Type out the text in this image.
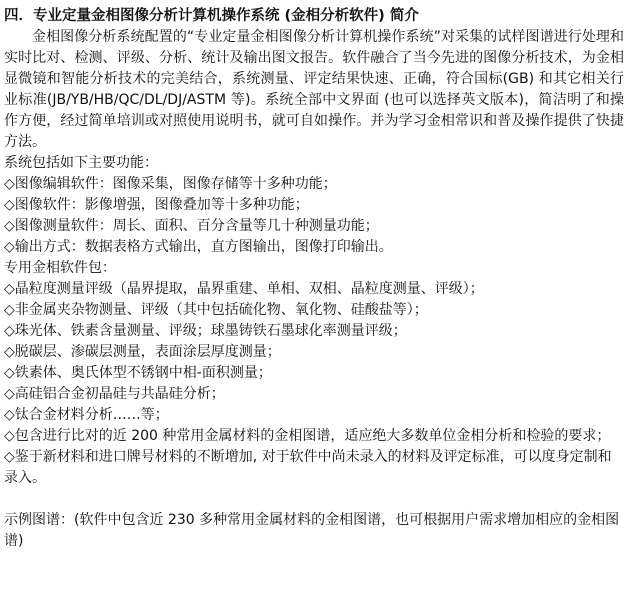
四．专业定量金相图像分析计算机操作系统 (金相分析软件) 简介
金相图像分析系统配置的“专业定量金相图像分析计算机操作系统”对采集的试样图谱进行处理和实时比对、检测、评级、分析、统计及输出图文报告。软件融合了当今先进的图像分析技术，为金相显微镜和智能分析技术的完美结合，系统测量、评定结果快速、正确，符合国标(GB) 和其它相关行业标准(JB/YB/HB/QC/DL/DJ/ASTM 等)。系统全部中文界面 (也可以选择英文版本)，简洁明了和操作方便，经过简单培训或对照使用说明书，就可自如操作。并为学习金相常识和普及操作提供了快捷方法。
系统包括如下主要功能：
◇图像编辑软件：图像采集，图像存储等十多种功能；
◇图像软件：影像增强，图像叠加等十多种功能；
◇图像测量软件：周长、面积、百分含量等几十种测量功能；
◇输出方式：数据表格方式输出，直方图输出，图像打印输出。
专用金相软件包：
◇晶粒度测量评级（晶界提取，晶界重建、单相、双相、晶粒度测量、评级）；
◇非金属夹杂物测量、评级（其中包括硫化物、氧化物、硅酸盐等）；
◇珠光体、铁素含量测量、评级；球墨铸铁石墨球化率测量评级；
◇脱碳层、渗碳层测量，表面涂层厚度测量；
◇铁素体、奥氏体型不锈钢中相-面积测量；
◇高硅铝合金初晶硅与共晶硅分析；
◇钛合金材料分析……等；
◇包含进行比对的近 200 种常用金属材料的金相图谱，适应绝大多数单位金相分析和检验的要求；
◇鉴于新材料和进口牌号材料的不断增加, 对于软件中尚未录入的材料及评定标准，可以度身定制和录入。
示例图谱：(软件中包含近 230 多种常用金属材料的金相图谱，也可根据用户需求增加相应的金相图谱)
